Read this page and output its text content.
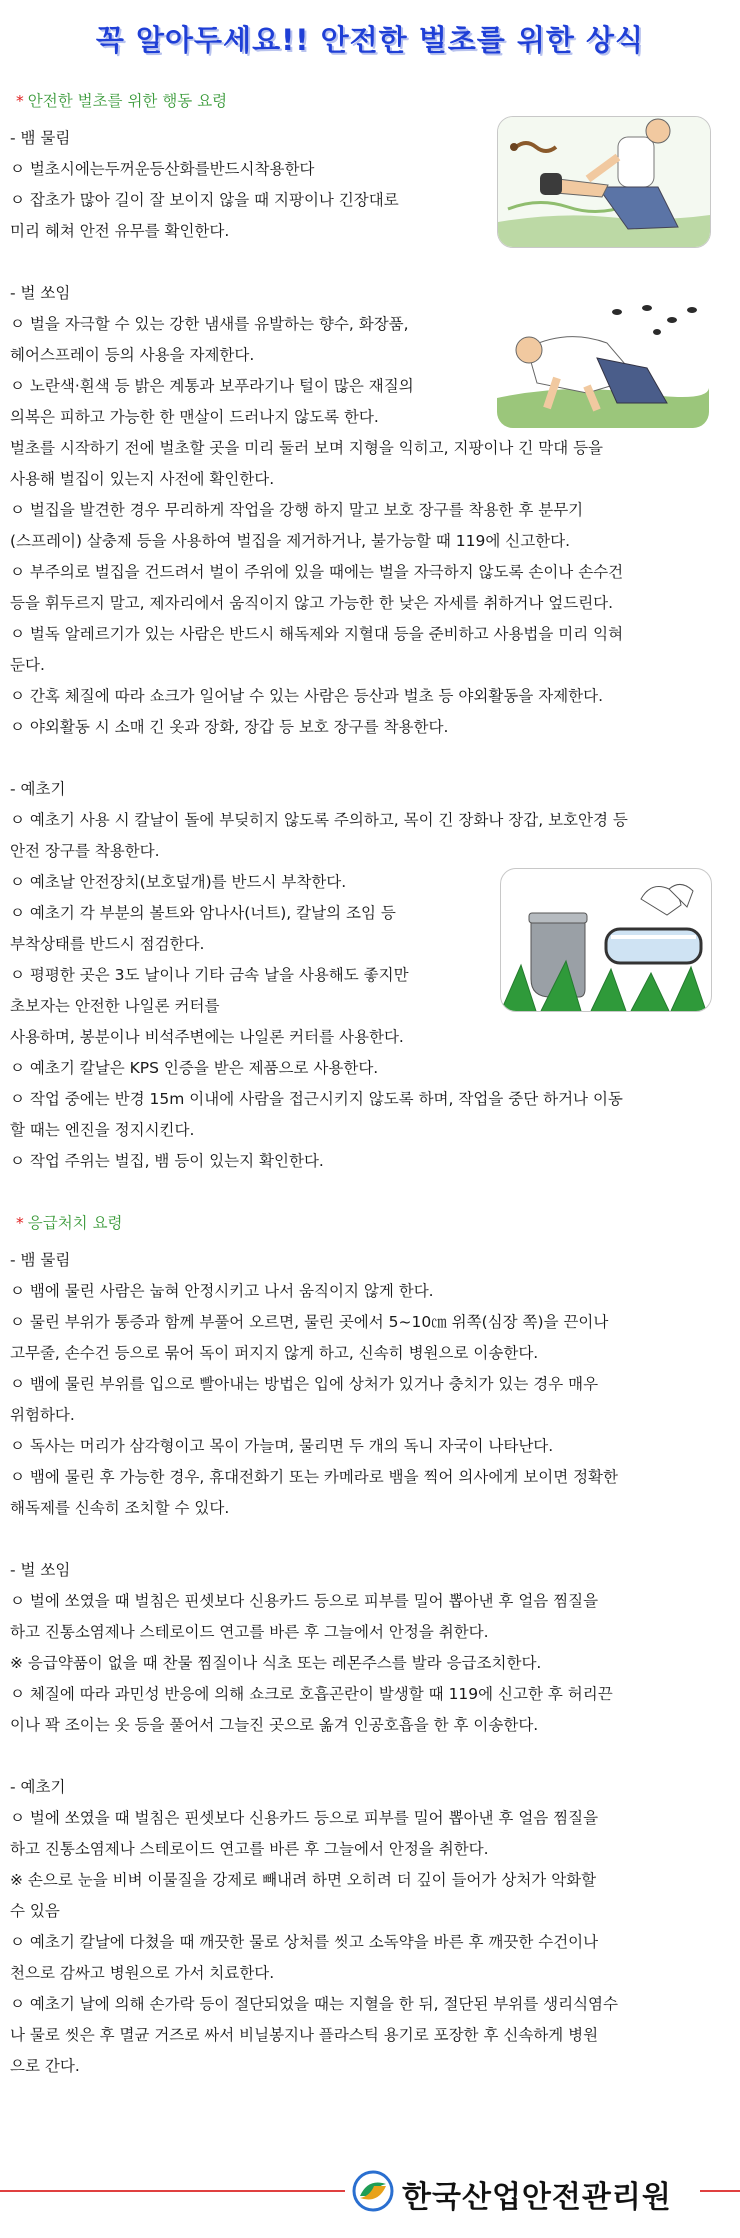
꼭 알아두세요!! 안전한 벌초를 위한 상식
* 안전한 벌초를 위한 행동 요령
- 뱀 물림
ㅇ 벌초시에는두꺼운등산화를반드시착용한다
ㅇ 잡초가 많아 길이 잘 보이지 않을 때 지팡이나 긴장대로
미리 헤쳐 안전 유무를 확인한다.
- 벌 쏘임
ㅇ 벌을 자극할 수 있는 강한 냄새를 유발하는 향수, 화장품,
헤어스프레이 등의 사용을 자제한다.
ㅇ 노란색·흰색 등 밝은 계통과 보푸라기나 털이 많은 재질의
의복은 피하고 가능한 한 맨살이 드러나지 않도록 한다.
벌초를 시작하기 전에 벌초할 곳을 미리 둘러 보며 지형을 익히고, 지팡이나 긴 막대 등을
사용해 벌집이 있는지 사전에 확인한다.
ㅇ 벌집을 발견한 경우 무리하게 작업을 강행 하지 말고 보호 장구를 착용한 후 분무기
(스프레이) 살충제 등을 사용하여 벌집을 제거하거나, 불가능할 때 119에 신고한다.
ㅇ 부주의로 벌집을 건드려서 벌이 주위에 있을 때에는 벌을 자극하지 않도록 손이나 손수건
등을 휘두르지 말고, 제자리에서 움직이지 않고 가능한 한 낮은 자세를 취하거나 엎드린다.
ㅇ 벌독 알레르기가 있는 사람은 반드시 해독제와 지혈대 등을 준비하고 사용법을 미리 익혀
둔다.
ㅇ 간혹 체질에 따라 쇼크가 일어날 수 있는 사람은 등산과 벌초 등 야외활동을 자제한다.
ㅇ 야외활동 시 소매 긴 옷과 장화, 장갑 등 보호 장구를 착용한다.
- 예초기
ㅇ 예초기 사용 시 칼날이 돌에 부딪히지 않도록 주의하고, 목이 긴 장화나 장갑, 보호안경 등
안전 장구를 착용한다.
ㅇ 예초날 안전장치(보호덮개)를 반드시 부착한다.
ㅇ 예초기 각 부분의 볼트와 암나사(너트), 칼날의 조임 등
부착상태를 반드시 점검한다.
ㅇ 평평한 곳은 3도 날이나 기타 금속 날을 사용해도 좋지만
초보자는 안전한 나일론 커터를
사용하며, 봉분이나 비석주변에는 나일론 커터를 사용한다.
ㅇ 예초기 칼날은 KPS 인증을 받은 제품으로 사용한다.
ㅇ 작업 중에는 반경 15m 이내에 사람을 접근시키지 않도록 하며, 작업을 중단 하거나 이동
할 때는 엔진을 정지시킨다.
ㅇ 작업 주위는 벌집, 뱀 등이 있는지 확인한다.
* 응급처치 요령
- 뱀 물림
ㅇ 뱀에 물린 사람은 눕혀 안정시키고 나서 움직이지 않게 한다.
ㅇ 물린 부위가 통증과 함께 부풀어 오르면, 물린 곳에서 5~10㎝ 위쪽(심장 쪽)을 끈이나
고무줄, 손수건 등으로 묶어 독이 퍼지지 않게 하고, 신속히 병원으로 이송한다.
ㅇ 뱀에 물린 부위를 입으로 빨아내는 방법은 입에 상처가 있거나 충치가 있는 경우 매우
위험하다.
ㅇ 독사는 머리가 삼각형이고 목이 가늘며, 물리면 두 개의 독니 자국이 나타난다.
ㅇ 뱀에 물린 후 가능한 경우, 휴대전화기 또는 카메라로 뱀을 찍어 의사에게 보이면 정확한
해독제를 신속히 조치할 수 있다.
- 벌 쏘임
ㅇ 벌에 쏘였을 때 벌침은 핀셋보다 신용카드 등으로 피부를 밀어 뽑아낸 후 얼음 찜질을
하고 진통소염제나 스테로이드 연고를 바른 후 그늘에서 안정을 취한다.
※ 응급약품이 없을 때 찬물 찜질이나 식초 또는 레몬주스를 발라 응급조치한다.
ㅇ 체질에 따라 과민성 반응에 의해 쇼크로 호흡곤란이 발생할 때 119에 신고한 후 허리끈
이나 꽉 조이는 옷 등을 풀어서 그늘진 곳으로 옮겨 인공호흡을 한 후 이송한다.
- 예초기
ㅇ 벌에 쏘였을 때 벌침은 핀셋보다 신용카드 등으로 피부를 밀어 뽑아낸 후 얼음 찜질을
하고 진통소염제나 스테로이드 연고를 바른 후 그늘에서 안정을 취한다.
※ 손으로 눈을 비벼 이물질을 강제로 빼내려 하면 오히려 더 깊이 들어가 상처가 악화할
수 있음
ㅇ 예초기 칼날에 다쳤을 때 깨끗한 물로 상처를 씻고 소독약을 바른 후 깨끗한 수건이나
천으로 감싸고 병원으로 가서 치료한다.
ㅇ 예초기 날에 의해 손가락 등이 절단되었을 때는 지혈을 한 뒤, 절단된 부위를 생리식염수
나 물로 씻은 후 멸균 거즈로 싸서 비닐봉지나 플라스틱 용기로 포장한 후 신속하게 병원
으로 간다.
한국산업안전관리원
